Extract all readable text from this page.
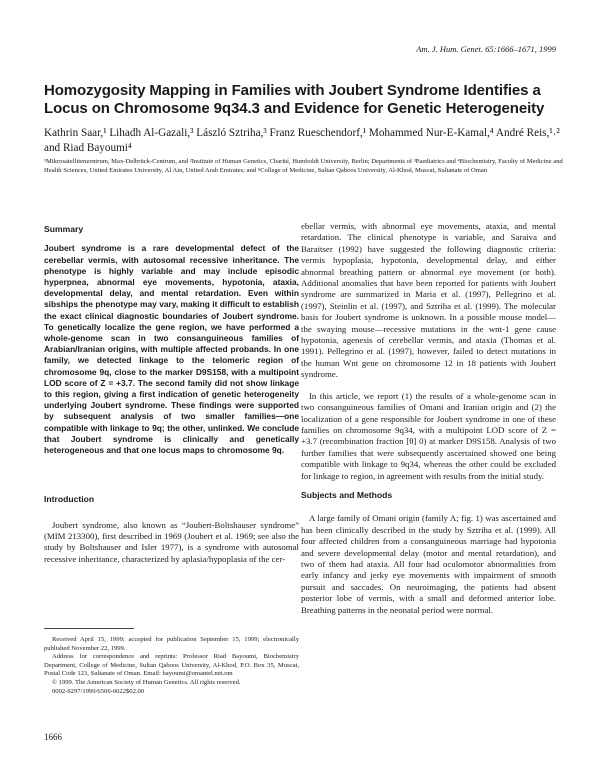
Am. J. Hum. Genet. 65:1666–1671, 1999
Homozygosity Mapping in Families with Joubert Syndrome Identifies a Locus on Chromosome 9q34.3 and Evidence for Genetic Heterogeneity
Kathrin Saar,¹ Lihadh Al-Gazali,³ László Sztriha,³ Franz Rueschendorf,¹ Mohammed Nur-E-Kamal,⁴ André Reis,¹˒² and Riad Bayoumi⁴
¹Mikrosatellitenzentrum, Max-Delbrück-Centrum, and ²Institute of Human Genetics, Charité, Humboldt University, Berlin; Departments of ³Paediatrics and ⁴Biochemistry, Faculty of Medicine and Health Sciences, United Emirates University, Al Ain, United Arab Emirates; and ⁵College of Medicine, Sultan Qaboos University, Al-Khod, Muscat, Sultanate of Oman
Summary

Joubert syndrome is a rare developmental defect of the cerebellar vermis, with autosomal recessive inheritance. The phenotype is highly variable and may include episodic hyperpnea, abnormal eye movements, hypotonia, ataxia, developmental delay, and mental retardation. Even within sibships the phenotype may vary, making it difficult to establish the exact clinical diagnostic boundaries of Joubert syndrome. To genetically localize the gene region, we have performed a whole-genome scan in two consanguineous families of Arabian/Iranian origins, with multiple affected probands. In one family, we detected linkage to the telomeric region of chromosome 9q, close to the marker D9S158, with a multipoint LOD score of Z = +3.7. The second family did not show linkage to this region, giving a first indication of genetic heterogeneity underlying Joubert syndrome. These findings were supported by subsequent analysis of two smaller families—one compatible with linkage to 9q; the other, unlinked. We conclude that Joubert syndrome is clinically and genetically heterogeneous and that one locus maps to chromosome 9q.

Introduction

Joubert syndrome, also known as “Joubert-Boltshauser syndrome” (MIM 213300), first described in 1969 (Joubert et al. 1969; see also the study by Boltshauser and Isler 1977), is a syndrome with autosomal recessive inheritance, characterized by aplasia/hypoplasia of the cer-

Received April 15, 1999; accepted for publication September 15, 1999; electronically published November 22, 1999.

Address for correspondence and reprints: Professor Riad Bayoumi, Biochemistry Department, College of Medicine, Sultan Qaboos University, Al-Khod, P.O. Box 35, Muscat, Postal Code 123, Sultanate of Oman. Email: bayoumi@omantel.net.om

© 1999. The American Society of Human Genetics. All rights reserved.

0002-9297/1999/6506-0022$02.00

ebellar vermis, with abnormal eye movements, ataxia, and mental retardation. The clinical phenotype is variable, and Saraiva and Baraitser (1992) have suggested the following diagnostic criteria: vermis hypoplasia, hypotonia, developmental delay, and either abnormal breathing pattern or abnormal eye movement (or both). Additional anomalies that have been reported for patients with Joubert syndrome are summarized in Maria et al. (1997), Pellegrino et al. (1997), Steinlin et al. (1997), and Sztriha et al. (1999). The molecular basis for Joubert syndrome is unknown. In a possible mouse model—the swaying mouse—recessive mutations in the wnt-1 gene cause hypotonia, agenesis of cerebellar vermis, and ataxia (Thomas et al. 1991). Pellegrino et al. (1997), however, failed to detect mutations in the human Wnt gene on chromosome 12 in 18 patients with Joubert syndrome.

In this article, we report (1) the results of a whole-genome scan in two consanguineous families of Omani and Iranian origin and (2) the localization of a gene responsible for Joubert syndrome in one of these families on chromosome 9q34, with a multipoint LOD score of Z = +3.7 (recombination fraction [θ] 0) at marker D9S158. Analysis of two further families that were subsequently ascertained showed one being compatible with linkage to 9q34, whereas the other could be excluded for linkage to region, in agreement with results from the initial study.

Subjects and Methods

A large family of Omani origin (family A; fig. 1) was ascertained and has been clinically described in the study by Sztriha et al. (1999). All four affected children from a consanguineous marriage had hypotonia and severe developmental delay (motor and mental retardation), and two of them had ataxia. All four had oculomotor abnormalities from early infancy and jerky eye movements with impairment of smooth pursuit and saccades. On neuroimaging, the patients had absent posterior lobe of vermis, with a small and deformed anterior lobe. Breathing patterns in the neonatal period were normal.

1666
